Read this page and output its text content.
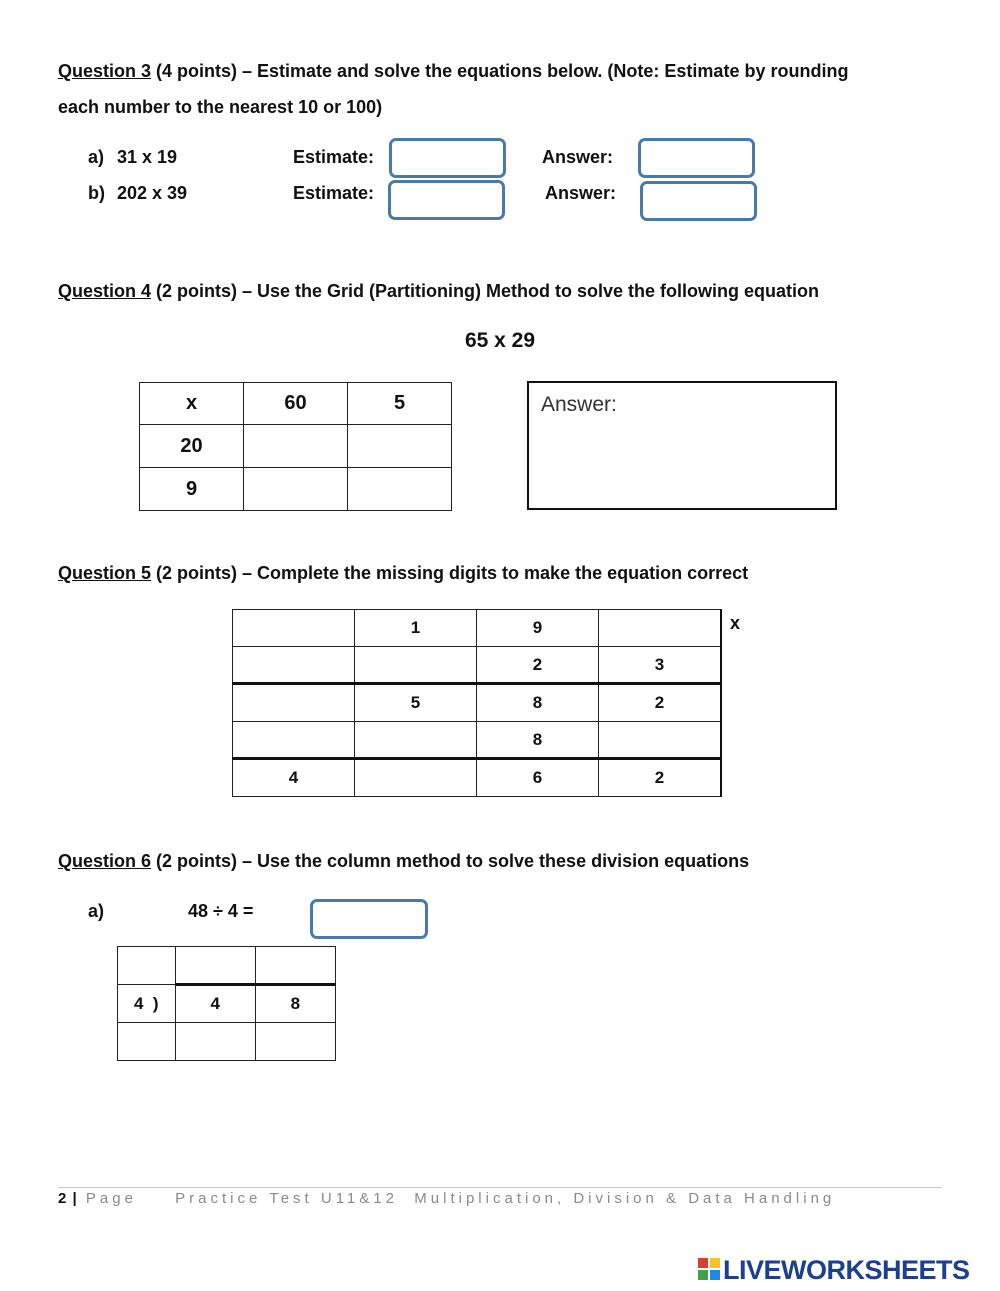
Question 3 (4 points) – Estimate and solve the equations below. (Note: Estimate by rounding
each number to the nearest 10 or 100)
a) 31 x 19	Estimate:	Answer:
b) 202 x 39	Estimate:	Answer:
Question 4 (2 points) – Use the Grid (Partitioning) Method to solve the following equation
65 x 29
x	60	5
20		
9		
Answer:
Question 5 (2 points) – Complete the missing digits to make the equation correct
	1	9	
		2	3
	5	8	2
		8	
4		6	2
x
Question 6 (2 points) – Use the column method to solve these division equations
a)	48 ÷ 4 =

4  )	4	8

2 | Page	Practice Test U11&12  Multiplication, Division & Data Handling
LIVEWORKSHEETS
